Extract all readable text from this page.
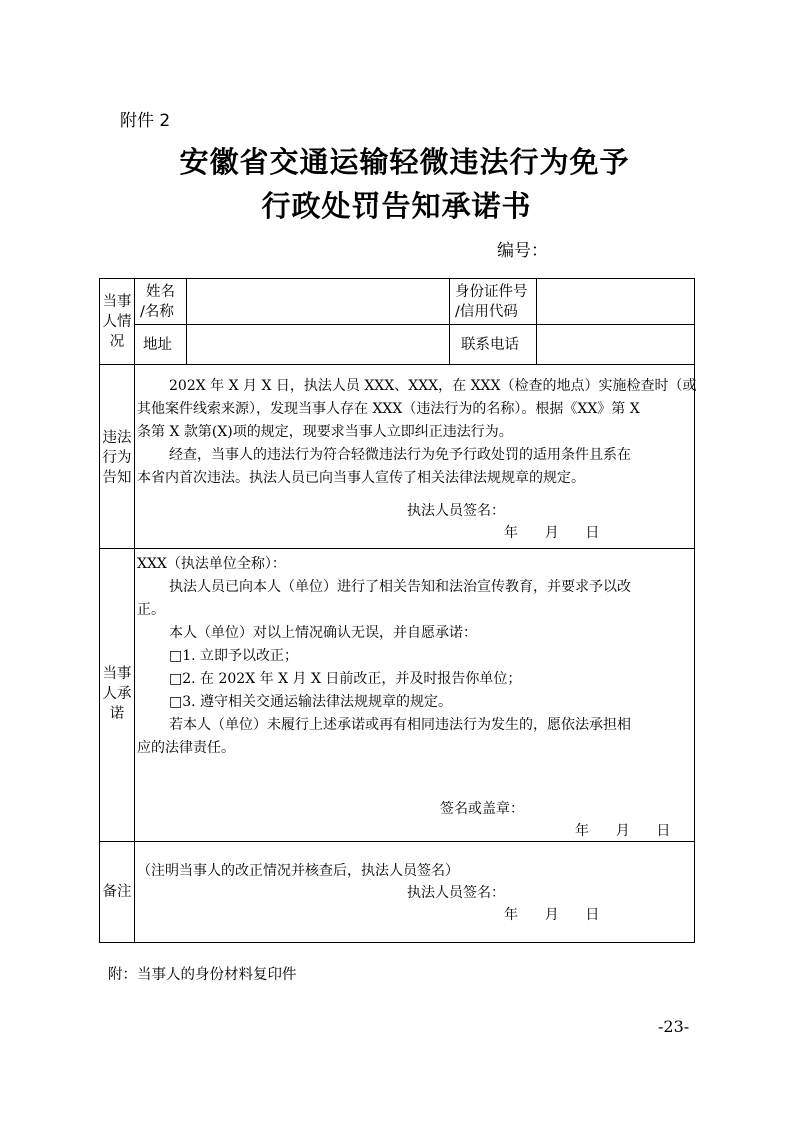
附件 2
安徽省交通运输轻微违法行为免予
行政处罚告知承诺书
编号：
当事
人情
况
姓名
/名称
身份证件号
/信用代码
地址	联系电话
违法
行为
告知
202X 年 X 月 X 日，执法人员 XXX、XXX，在 XXX（检查的地点）实施检查时（或
其他案件线索来源），发现当事人存在 XXX（违法行为的名称）。根据《XX》第 X
条第 X 款第(X)项的规定，现要求当事人立即纠正违法行为。
经查，当事人的违法行为符合轻微违法行为免予行政处罚的适用条件且系在
本省内首次违法。执法人员已向当事人宣传了相关法律法规规章的规定。
执法人员签名：
年      月      日
当事
人承
诺
XXX（执法单位全称）：
执法人员已向本人（单位）进行了相关告知和法治宣传教育，并要求予以改
正。
本人（单位）对以上情况确认无误，并自愿承诺：
□1. 立即予以改正；
□2. 在 202X 年 X 月 X 日前改正，并及时报告你单位；
□3. 遵守相关交通运输法律法规规章的规定。
若本人（单位）未履行上述承诺或再有相同违法行为发生的，愿依法承担相
应的法律责任。
签名或盖章：
年      月      日
备注
（注明当事人的改正情况并核查后，执法人员签名）
执法人员签名：
年      月      日
附：当事人的身份材料复印件
-23-
